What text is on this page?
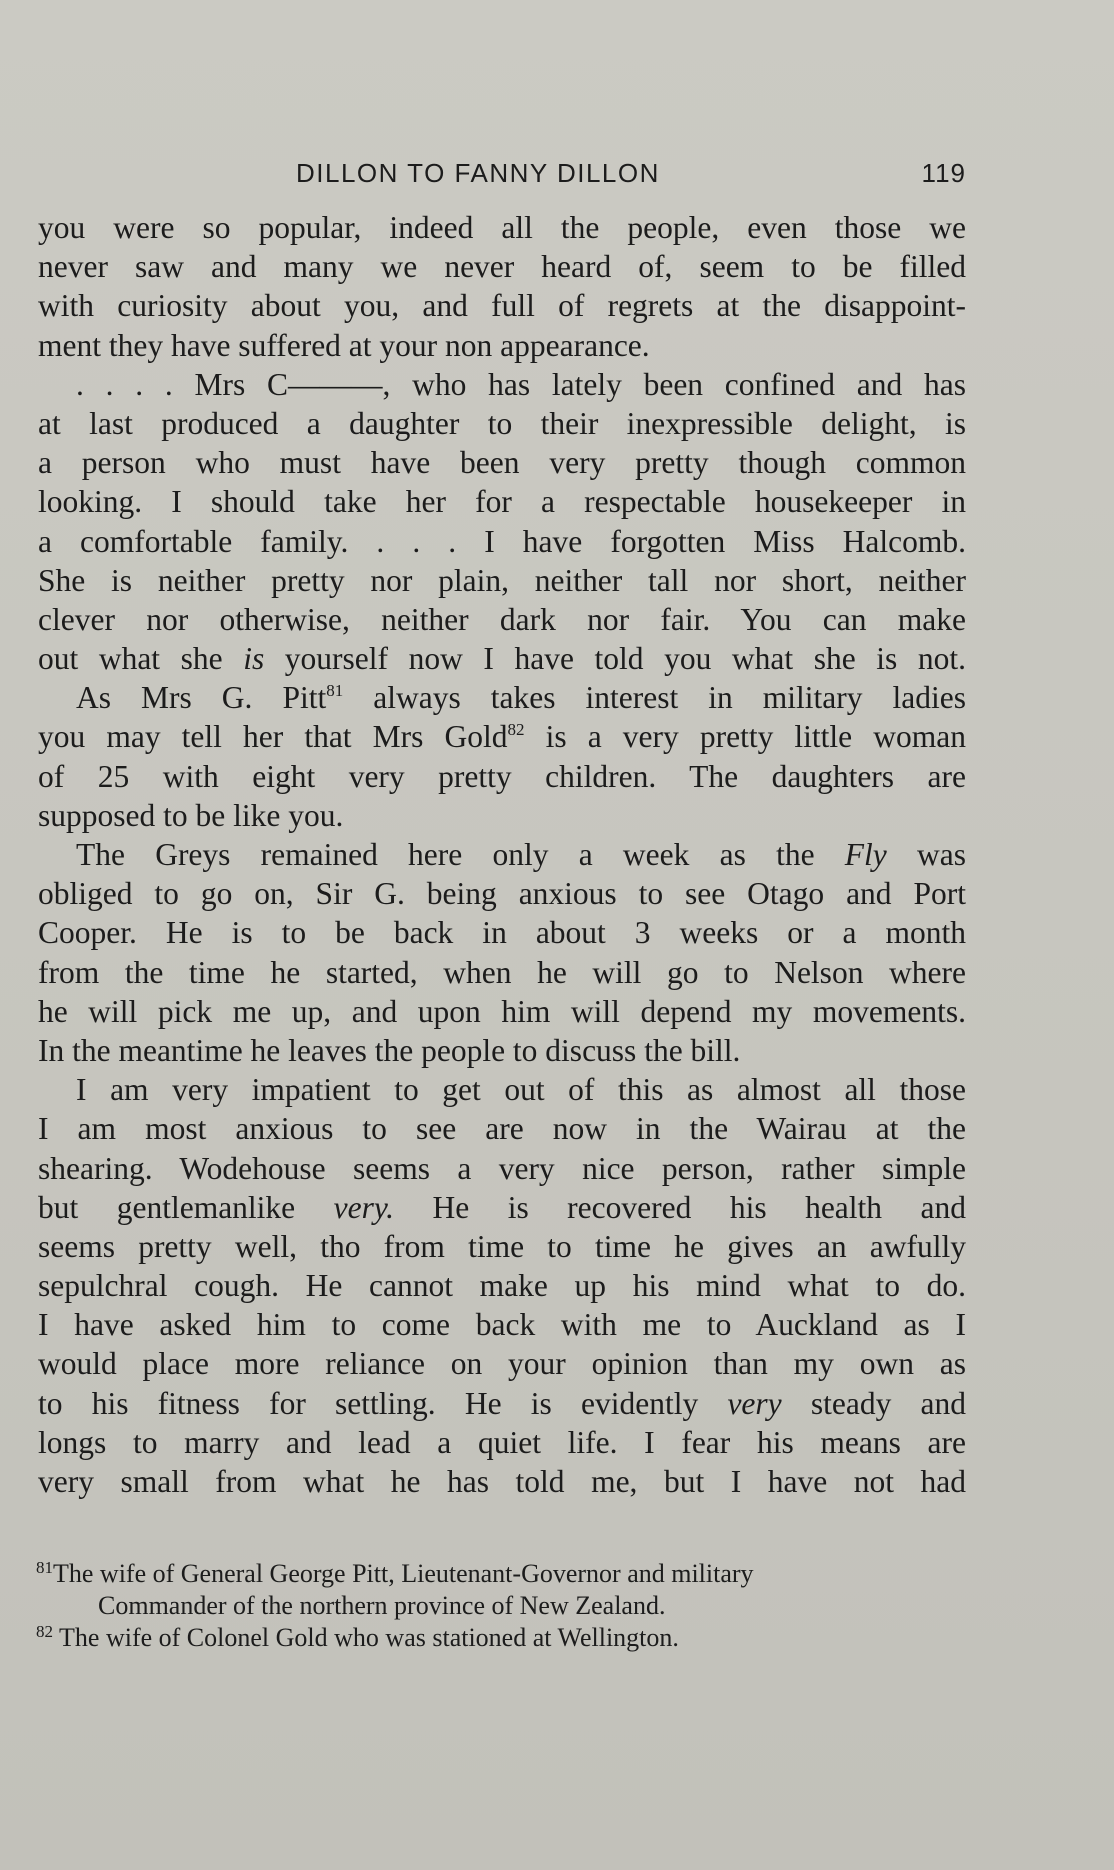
DILLON TO FANNY DILLON	119
you were so popular, indeed all the people, even those we
never saw and many we never heard of, seem to be filled
with curiosity about you, and full of regrets at the disappoint-
ment they have suffered at your non appearance.
. . . . Mrs C———, who has lately been confined and has
at last produced a daughter to their inexpressible delight, is
a person who must have been very pretty though common
looking. I should take her for a respectable housekeeper in
a comfortable family. . . . I have forgotten Miss Halcomb.
She is neither pretty nor plain, neither tall nor short, neither
clever nor otherwise, neither dark nor fair. You can make
out what she is yourself now I have told you what she is not.
As Mrs G. Pitt$^{81}$ always takes interest in military ladies
you may tell her that Mrs Gold$^{82}$ is a very pretty little woman
of 25 with eight very pretty children. The daughters are
supposed to be like you.
The Greys remained here only a week as the Fly was
obliged to go on, Sir G. being anxious to see Otago and Port
Cooper. He is to be back in about 3 weeks or a month
from the time he started, when he will go to Nelson where
he will pick me up, and upon him will depend my movements.
In the meantime he leaves the people to discuss the bill.
I am very impatient to get out of this as almost all those
I am most anxious to see are now in the Wairau at the
shearing. Wodehouse seems a very nice person, rather simple
but gentlemanlike very. He is recovered his health and
seems pretty well, tho from time to time he gives an awfully
sepulchral cough. He cannot make up his mind what to do.
I have asked him to come back with me to Auckland as I
would place more reliance on your opinion than my own as
to his fitness for settling. He is evidently very steady and
longs to marry and lead a quiet life. I fear his means are
very small from what he has told me, but I have not had
$^{81}$The wife of General George Pitt, Lieutenant-Governor and military
Commander of the northern province of New Zealand.
$^{82}$ The wife of Colonel Gold who was stationed at Wellington.
